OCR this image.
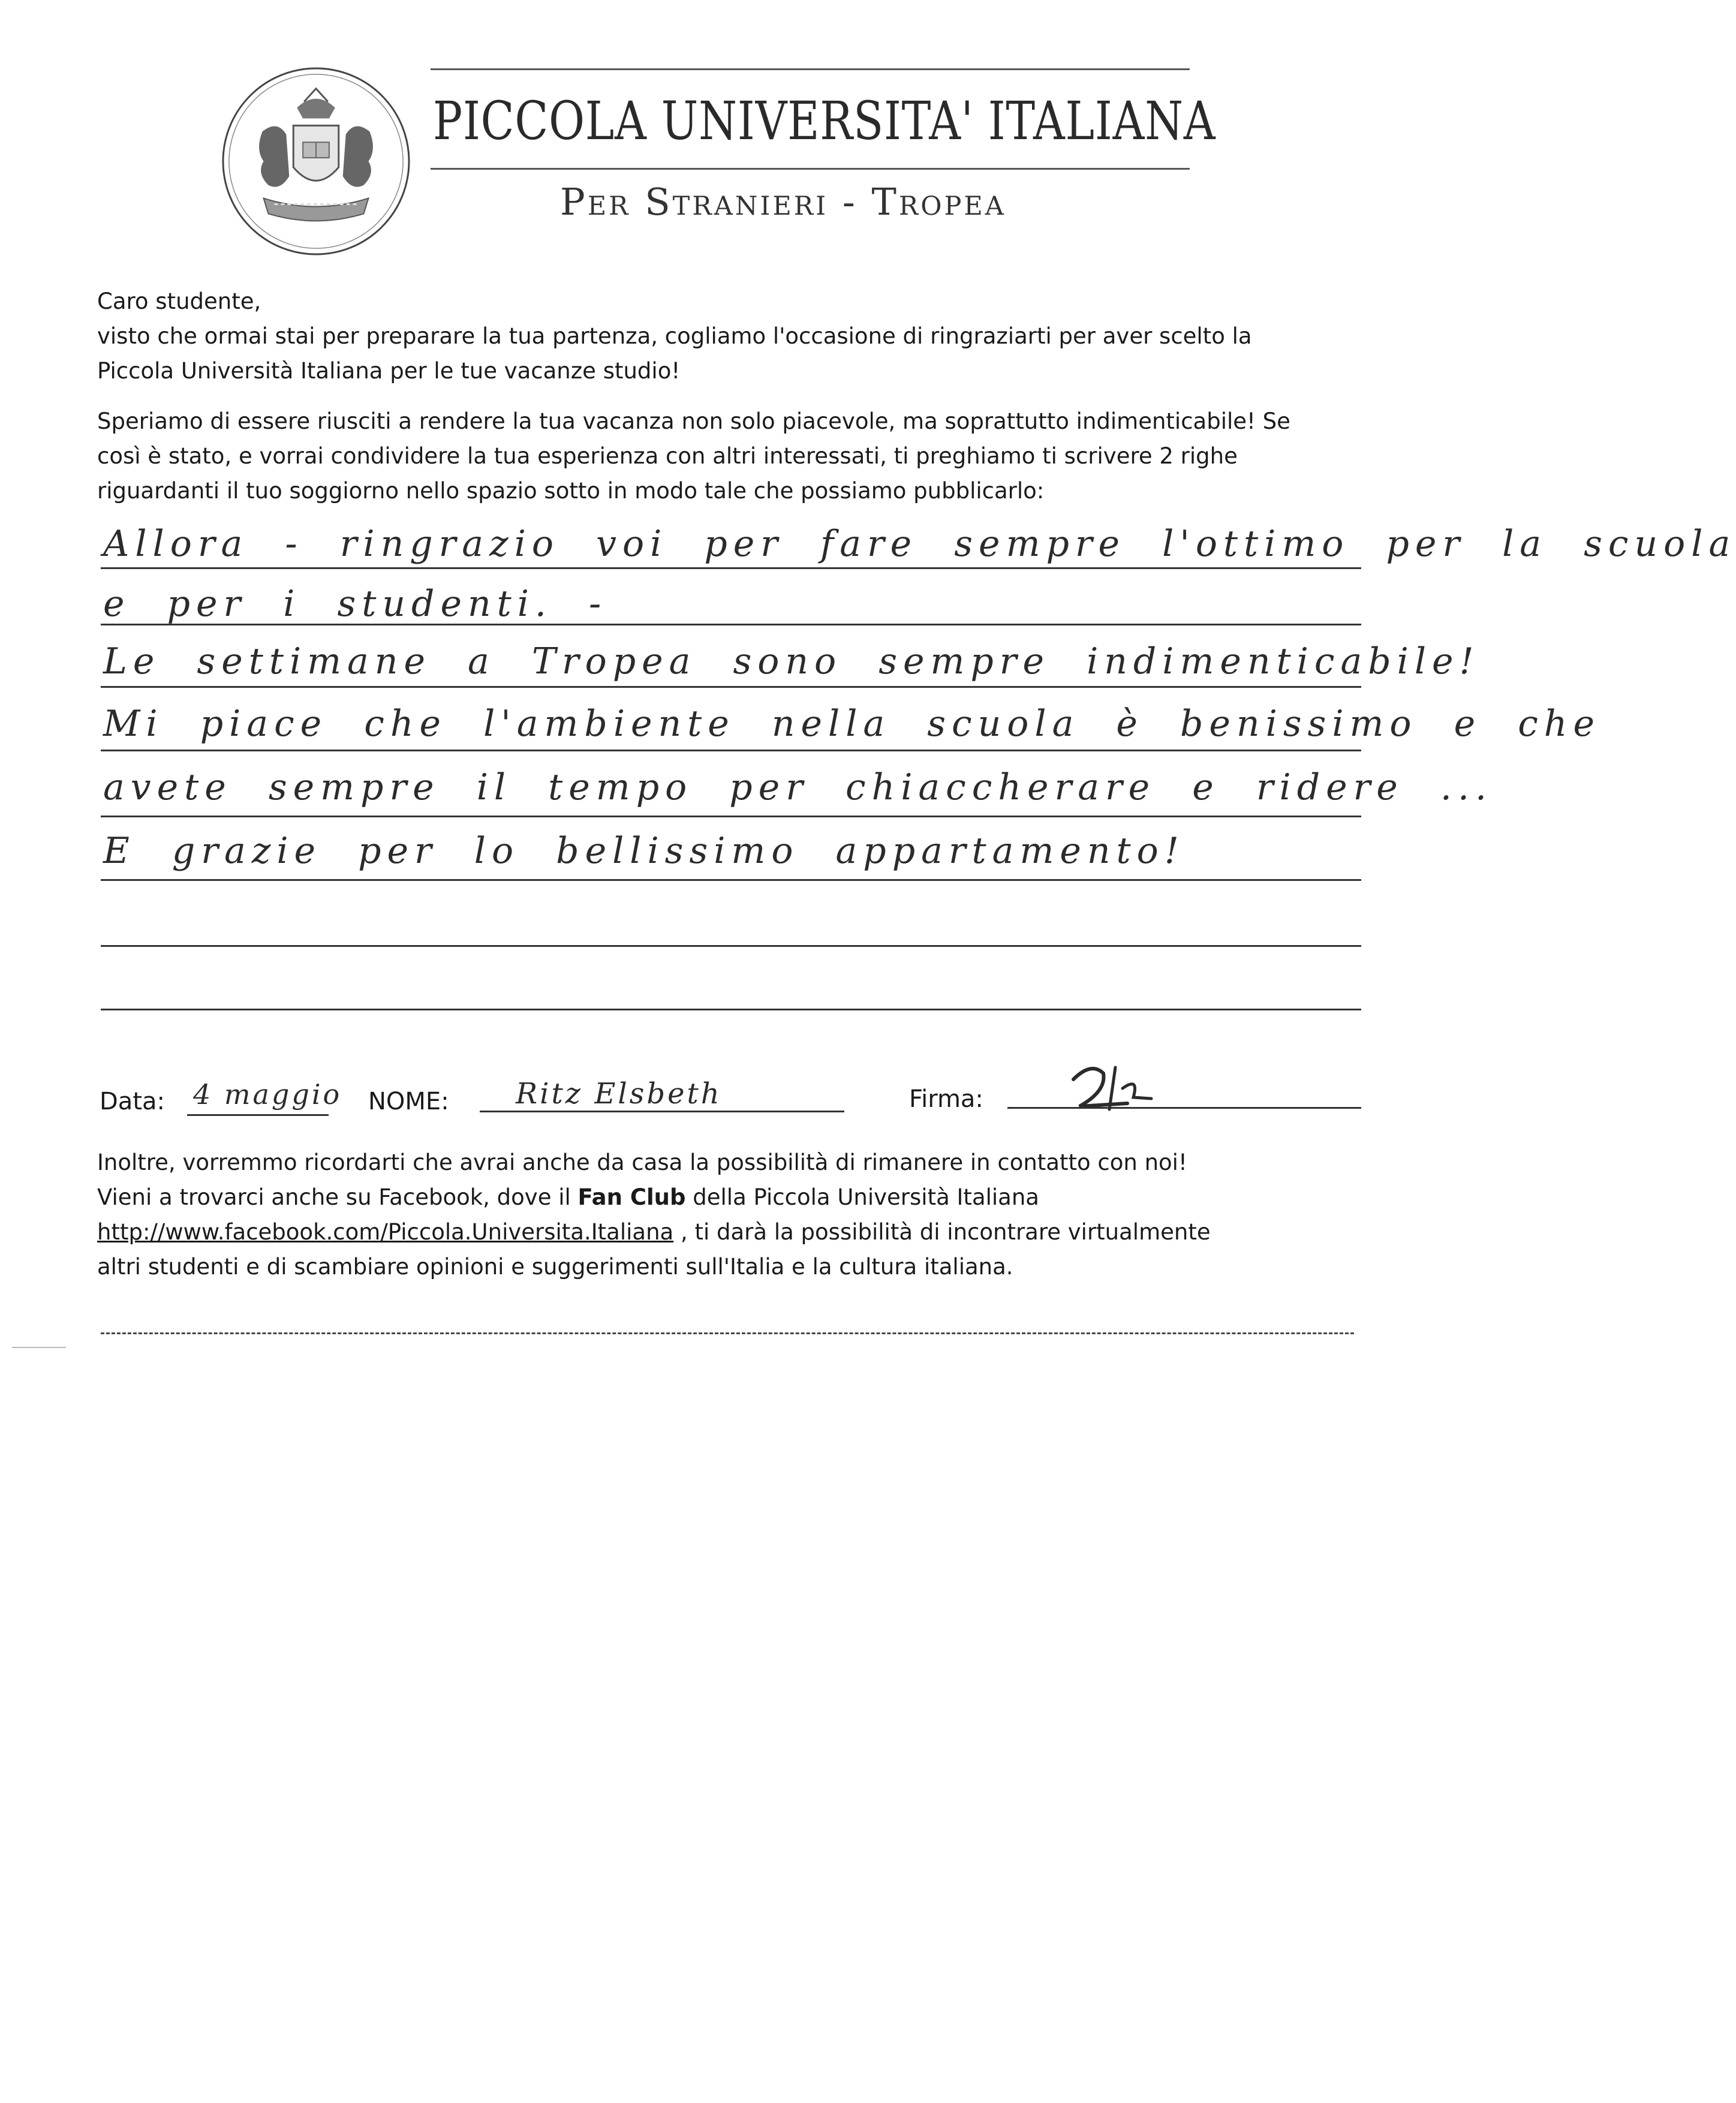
PICCOLA UNIVERSITA' ITALIANA
Per Stranieri - Tropea
Caro studente,
visto che ormai stai per preparare la tua partenza, cogliamo l'occasione di ringraziarti per aver scelto la
Piccola Università Italiana per le tue vacanze studio!
Speriamo di essere riusciti a rendere la tua vacanza non solo piacevole, ma soprattutto indimenticabile! Se
così è stato, e vorrai condividere la tua esperienza con altri interessati, ti preghiamo ti scrivere 2 righe
riguardanti il tuo soggiorno nello spazio sotto in modo tale che possiamo pubblicarlo:
Allora - ringrazio voi per fare sempre l'ottimo per la scuola
e per i studenti. -
Le settimane a Tropea sono sempre indimenticabile!
Mi piace che l'ambiente nella scuola è benissimo e che
avete sempre il tempo per chiaccherare e ridere ...
E grazie per lo bellissimo appartamento!
Data: 4 maggio NOME: Ritz Elsbeth	Firma:
Inoltre, vorremmo ricordarti che avrai anche da casa la possibilità di rimanere in contatto con noi!
Vieni a trovarci anche su Facebook, dove il Fan Club della Piccola Università Italiana
http://www.facebook.com/Piccola.Universita.Italiana , ti darà la possibilità di incontrare virtualmente
altri studenti e di scambiare opinioni e suggerimenti sull'Italia e la cultura italiana.
